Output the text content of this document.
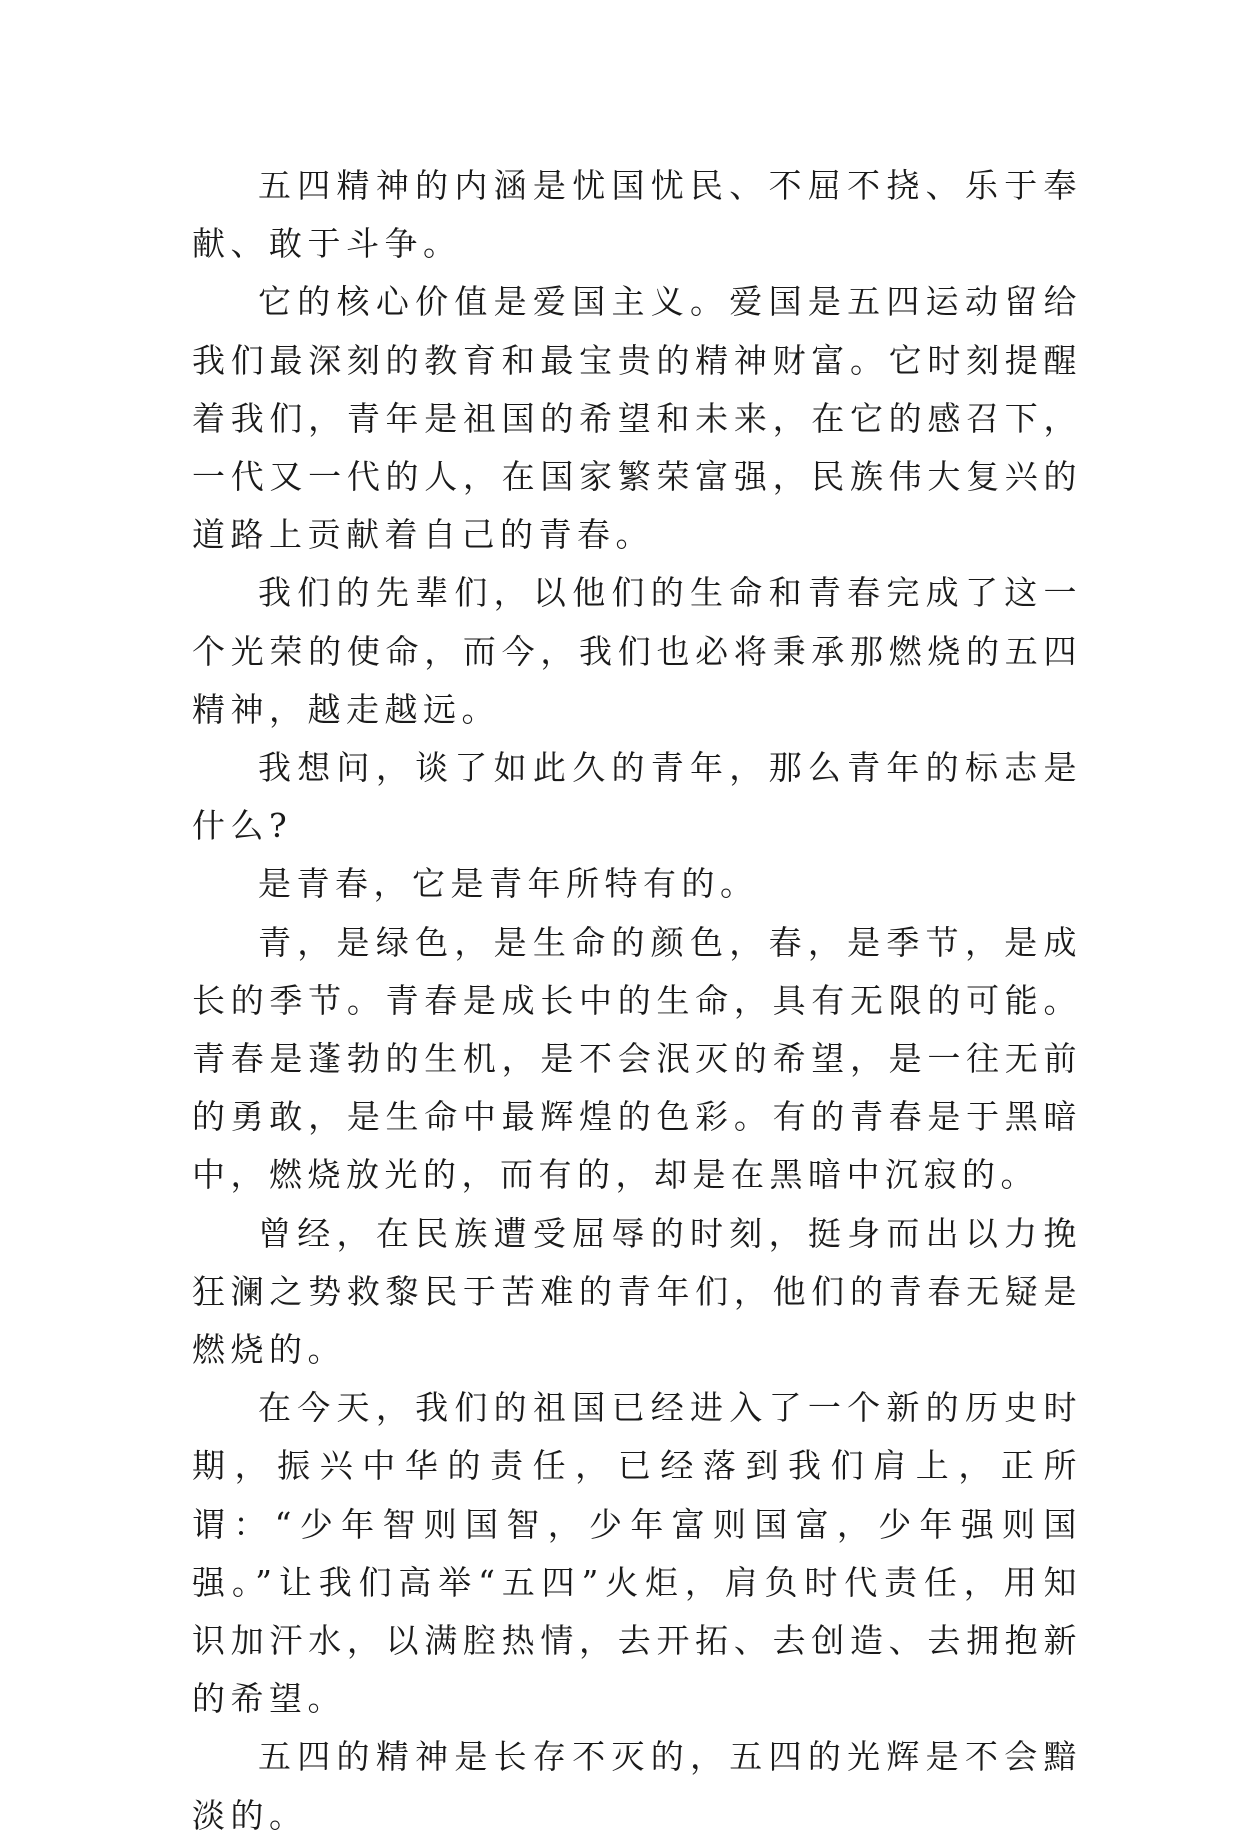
五四精神的内涵是忧国忧民、不屈不挠、乐于奉献、敢于斗争。

它的核心价值是爱国主义。爱国是五四运动留给我们最深刻的教育和最宝贵的精神财富。它时刻提醒着我们，青年是祖国的希望和未来，在它的感召下，一代又一代的人，在国家繁荣富强，民族伟大复兴的道路上贡献着自己的青春。

我们的先辈们，以他们的生命和青春完成了这一个光荣的使命，而今，我们也必将秉承那燃烧的五四精神，越走越远。

我想问，谈了如此久的青年，那么青年的标志是什么?

是青春，它是青年所特有的。

青，是绿色，是生命的颜色，春，是季节，是成长的季节。青春是成长中的生命，具有无限的可能。青春是蓬勃的生机，是不会泯灭的希望，是一往无前的勇敢，是生命中最辉煌的色彩。有的青春是于黑暗中，燃烧放光的，而有的，却是在黑暗中沉寂的。

曾经，在民族遭受屈辱的时刻，挺身而出以力挽狂澜之势救黎民于苦难的青年们，他们的青春无疑是燃烧的。

在今天，我们的祖国已经进入了一个新的历史时期，振兴中华的责任，已经落到我们肩上，正所谓：“少年智则国智，少年富则国富，少年强则国强。”让我们高举“五四”火炬，肩负时代责任，用知识加汗水，以满腔热情，去开拓、去创造、去拥抱新的希望。

五四的精神是长存不灭的，五四的光辉是不会黯淡的。
